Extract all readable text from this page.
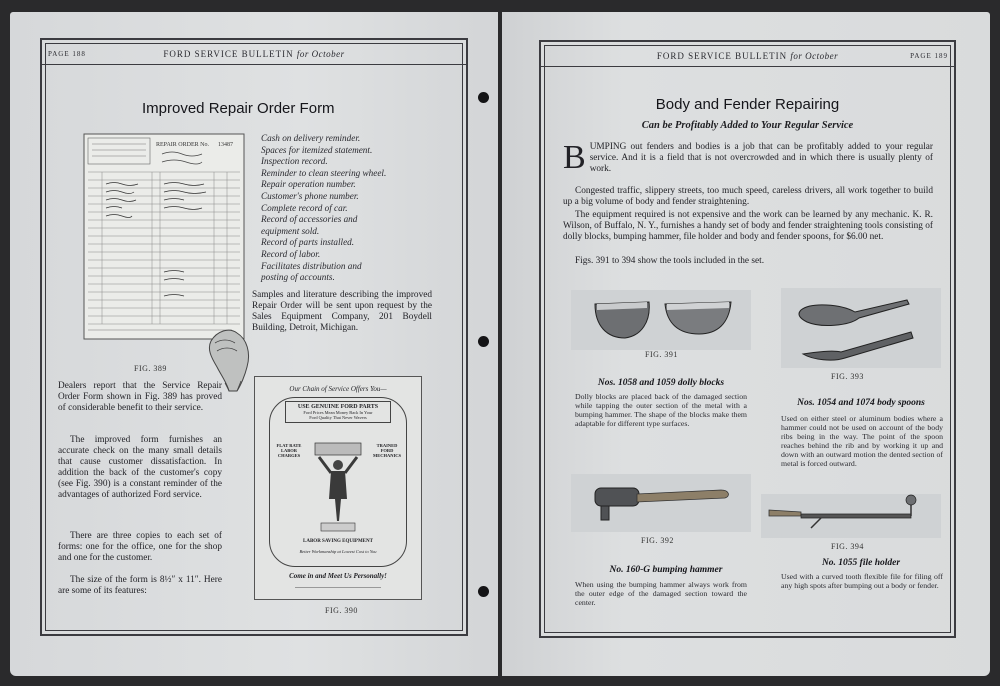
PAGE 188	FORD SERVICE BULLETIN for October
Improved Repair Order Form
REPAIR ORDER No. 13487
FIG. 389
Cash on delivery reminder.
Spaces for itemized statement.
Inspection record.
Reminder to clean steering wheel.
Repair operation number.
Customer's phone number.
Complete record of car.
Record of accessories and
equipment sold.
Record of parts installed.
Record of labor.
Facilitates distribution and
posting of accounts.

Samples and literature describing the improved Repair Order will be sent upon request by the Sales Equipment Company, 201 Boydell Building, Detroit, Michigan.

Dealers report that the Service Repair Order Form shown in Fig. 389 has proved of considerable benefit to their service.

The improved form furnishes an accurate check on the many small details that cause customer dissatisfaction. In addition the back of the customer's copy (see Fig. 390) is a constant reminder of the advantages of authorized Ford service.

There are three copies to each set of forms: one for the office, one for the shop and one for the customer.

The size of the form is 8½″ x 11″. Here are some of its features:

Our Chain of Service Offers You—
USE GENUINE FORD PARTS
Ford Prices Mean Money Back In Your
Ford Quality That Never Wavers
FLAT RATE LABOR CHARGES
TRAINED FORD MECHANICS
LABOR SAVING EQUIPMENT
Better Workmanship at Lowest Cost to You
Come in and Meet Us Personally!
FIG. 390
FORD SERVICE BULLETIN for October	PAGE 189
Body and Fender Repairing
Can be Profitably Added to Your Regular Service
BUMPING out fenders and bodies is a job that can be profitably added to your regular service. And it is a field that is not overcrowded and in which there is usually plenty of work.

Congested traffic, slippery streets, too much speed, careless drivers, all work together to build up a big volume of body and fender straightening.

The equipment required is not expensive and the work can be learned by any mechanic. K. R. Wilson, of Buffalo, N. Y., furnishes a handy set of body and fender straightening tools consisting of dolly blocks, bumping hammer, file holder and body and fender spoons, for $6.00 net.

Figs. 391 to 394 show the tools included in the set.

FIG. 391
FIG. 393
Nos. 1058 and 1059 dolly blocks

Dolly blocks are placed back of the damaged section while tapping the outer section of the metal with a bumping hammer. The shape of the blocks make them adaptable for different type surfaces.

Nos. 1054 and 1074 body spoons

Used on either steel or aluminum bodies where a hammer could not be used on account of the body ribs being in the way. The point of the spoon reaches behind the rib and by working it up and down with an outward motion the dented section of metal is forced outward.

FIG. 392
FIG. 394
No. 160-G bumping hammer

When using the bumping hammer always work from the outer edge of the damaged section toward the center.

No. 1055 file holder

Used with a curved tooth flexible file for filing off any high spots after bumping out a body or fender.
